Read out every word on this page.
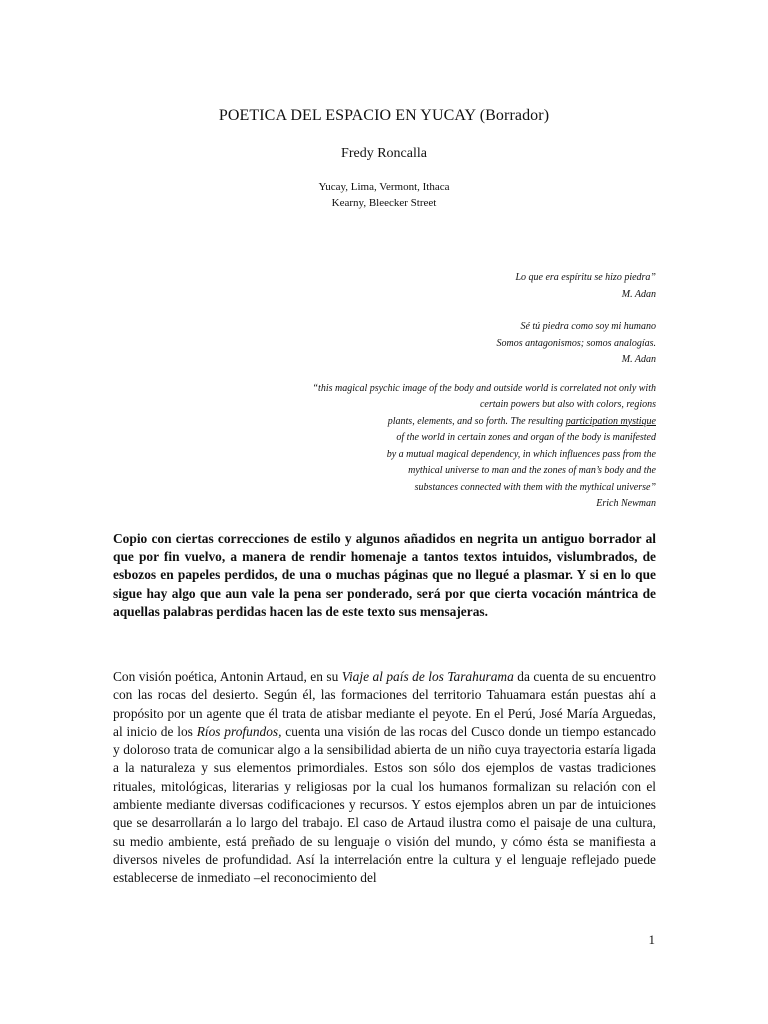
POETICA DEL ESPACIO EN YUCAY (Borrador)
Fredy Roncalla
Yucay, Lima, Vermont, Ithaca
Kearny, Bleecker Street
Lo que era espíritu se hizo piedra”
M. Adan
Sé tú piedra como soy mi humano
Somos antagonismos; somos analogías.
M. Adan
“this magical psychic image of the body and outside world is correlated not only with
certain powers but also with colors, regions
plants, elements, and so forth. The resulting participation mystique
of the world in certain zones and organ of the body is manifested
by a mutual magical dependency, in which influences pass from the
mythical universe to man and the zones of man’s body and the
substances connected with them with the mythical universe”
Erich Newman
Copio con ciertas correcciones de estilo y algunos añadidos en negrita un antiguo borrador al que por fin vuelvo, a manera de rendir homenaje a tantos textos intuidos, vislumbrados, de esbozos en papeles perdidos, de una o muchas páginas que no llegué a plasmar. Y si en lo que sigue hay algo que aun vale la pena ser ponderado, será por que cierta vocación mántrica de aquellas palabras perdidas hacen las de este texto sus mensajeras.
Con visión poética, Antonin Artaud, en su Viaje al país de los Tarahurama da cuenta de su encuentro con las rocas del desierto. Según él, las formaciones del territorio Tahuamara están puestas ahí a propósito por un agente que él trata de atisbar mediante el peyote. En el Perú, José María Arguedas, al inicio de los Ríos profundos, cuenta una visión de las rocas del Cusco donde un tiempo estancado y doloroso trata de comunicar algo a la sensibilidad abierta de un niño cuya trayectoria estaría ligada a la naturaleza y sus elementos primordiales. Estos son sólo dos ejemplos de vastas tradiciones rituales, mitológicas, literarias y religiosas por la cual los humanos formalizan su relación con el ambiente mediante diversas codificaciones y recursos. Y estos ejemplos abren un par de intuiciones que se desarrollarán a lo largo del trabajo. El caso de Artaud ilustra como el paisaje de una cultura, su medio ambiente, está preñado de su lenguaje o visión del mundo, y cómo ésta se manifiesta a diversos niveles de profundidad. Así la interrelación entre la cultura y el lenguaje reflejado puede establecerse de inmediato –el reconocimiento del
1
